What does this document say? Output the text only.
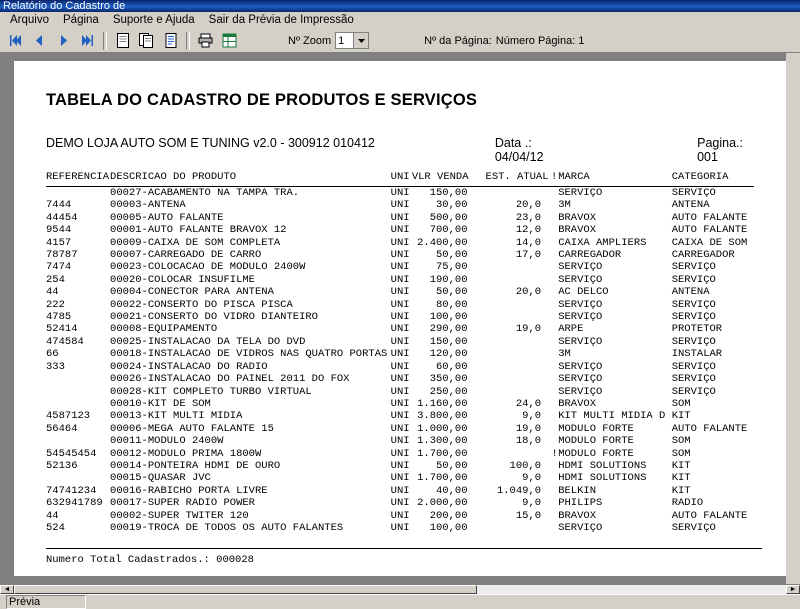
Relatório do Cadastro de
Arquivo	Página	Suporte e Ajuda	Sair da Prévia de Impressão
Nº Zoom 1	Nº da Página: Número Página: 1
TABELA DO CADASTRO DE PRODUTOS E SERVIÇOS
DEMO LOJA AUTO SOM E TUNING v2.0 - 300912 010412	Data .: 04/04/12
Pagina.: 001
REFERENCIA	DESCRICAO DO PRODUTO	UNI	VLR VENDA	EST. ATUAL	!	MARCA	CATEGORIA
	00027-ACABAMENTO NA TAMPA TRA.	UNI	150,00			SERVIÇO	SERVIÇO
7444	00003-ANTENA	UNI	30,00	20,0		3M	ANTENA
44454	00005-AUTO FALANTE	UNI	500,00	23,0		BRAVOX	AUTO FALANTE
9544	00001-AUTO FALANTE BRAVOX 12	UNI	700,00	12,0		BRAVOX	AUTO FALANTE
4157	00009-CAIXA DE SOM COMPLETA	UNI	2.400,00	14,0		CAIXA AMPLIERS	CAIXA DE SOM
78787	00007-CARREGADO DE CARRO	UNI	50,00	17,0		CARREGADOR	CARREGADOR
7474	00023-COLOCACAO DE MODULO 2400W	UNI	75,00			SERVIÇO	SERVIÇO
254	00020-COLOCAR INSUFILME	UNI	190,00			SERVIÇO	SERVIÇO
44	00004-CONECTOR PARA ANTENA	UNI	50,00	20,0		AC DELCO	ANTENA
222	00022-CONSERTO DO PISCA PISCA	UNI	80,00			SERVIÇO	SERVIÇO
4785	00021-CONSERTO DO VIDRO DIANTEIRO	UNI	100,00			SERVIÇO	SERVIÇO
52414	00008-EQUIPAMENTO	UNI	290,00	19,0		ARPE	PROTETOR
474584	00025-INSTALACAO DA TELA DO DVD	UNI	150,00			SERVIÇO	SERVIÇO
66	00018-INSTALACAO DE VIDROS NAS QUATRO PORTAS	UNI	120,00			3M	INSTALAR
333	00024-INSTALACAO DO RADIO	UNI	60,00			SERVIÇO	SERVIÇO
	00026-INSTALACAO DO PAINEL 2011 DO FOX	UNI	350,00			SERVIÇO	SERVIÇO
	00028-KIT COMPLETO TURBO VIRTUAL	UNI	250,00			SERVIÇO	SERVIÇO
	00010-KIT DE SOM	UNI	1.160,00	24,0		BRAVOX	SOM
4587123	00013-KIT MULTI MIDIA	UNI	3.800,00	9,0		KIT MULTI MIDIA D	KIT
56464	00006-MEGA AUTO FALANTE 15	UNI	1.000,00	19,0		MODULO FORTE	AUTO FALANTE
	00011-MODULO 2400W	UNI	1.300,00	18,0		MODULO FORTE	SOM
54545454	00012-MODULO PRIMA 1800W	UNI	1.700,00		!	MODULO FORTE	SOM
52136	00014-PONTEIRA HDMI DE OURO	UNI	50,00	100,0		HDMI SOLUTIONS	KIT
	00015-QUASAR JVC	UNI	1.700,00	9,0		HDMI SOLUTIONS	KIT
74741234	00016-RABICHO PORTA LIVRE	UNI	40,00	1.049,0		BELKIN	KIT
632941789	00017-SUPER RADIO POWER	UNI	2.000,00	9,0		PHILIPS	RADIO
44	00002-SUPER TWITER 120	UNI	200,00	15,0		BRAVOX	AUTO FALANTE
524	00019-TROCA DE TODOS OS AUTO FALANTES	UNI	100,00			SERVIÇO	SERVIÇO
Numero Total Cadastrados.: 000028
◄	►
Prévia
